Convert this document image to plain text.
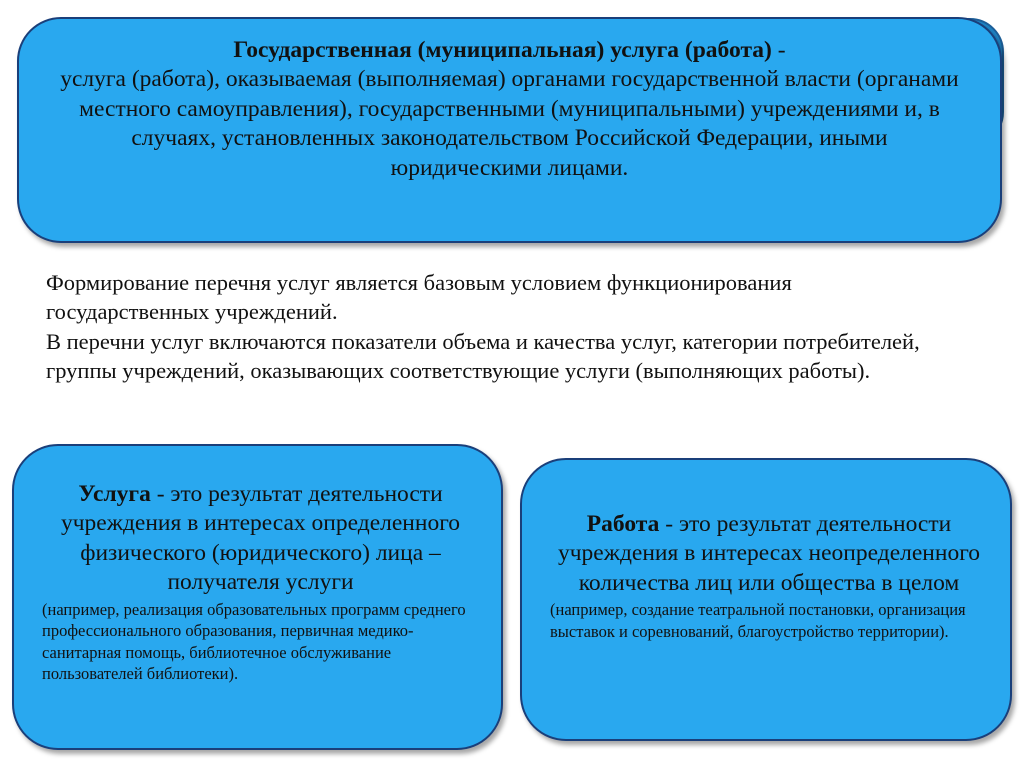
Государственная (муниципальная) услуга (работа) -
услуга (работа), оказываемая (выполняемая) органами государственной власти (органами местного самоуправления), государственными (муниципальными) учреждениями и, в случаях, установленных законодательством Российской Федерации, иными юридическими лицами.
Формирование перечня услуг является базовым условием функционирования государственных учреждений.
В перечни услуг включаются показатели объема и качества услуг, категории потребителей, группы учреждений, оказывающих соответствующие услуги (выполняющих работы).
Услуга - это результат деятельности учреждения в интересах определенного физического (юридического) лица – получателя услуги
(например, реализация образовательных программ среднего профессионального образования, первичная медико-санитарная помощь, библиотечное обслуживание пользователей библиотеки).
Работа - это результат деятельности учреждения в интересах неопределенного количества лиц или общества в целом
(например, создание театральной постановки, организация выставок и соревнований, благоустройство территории).
